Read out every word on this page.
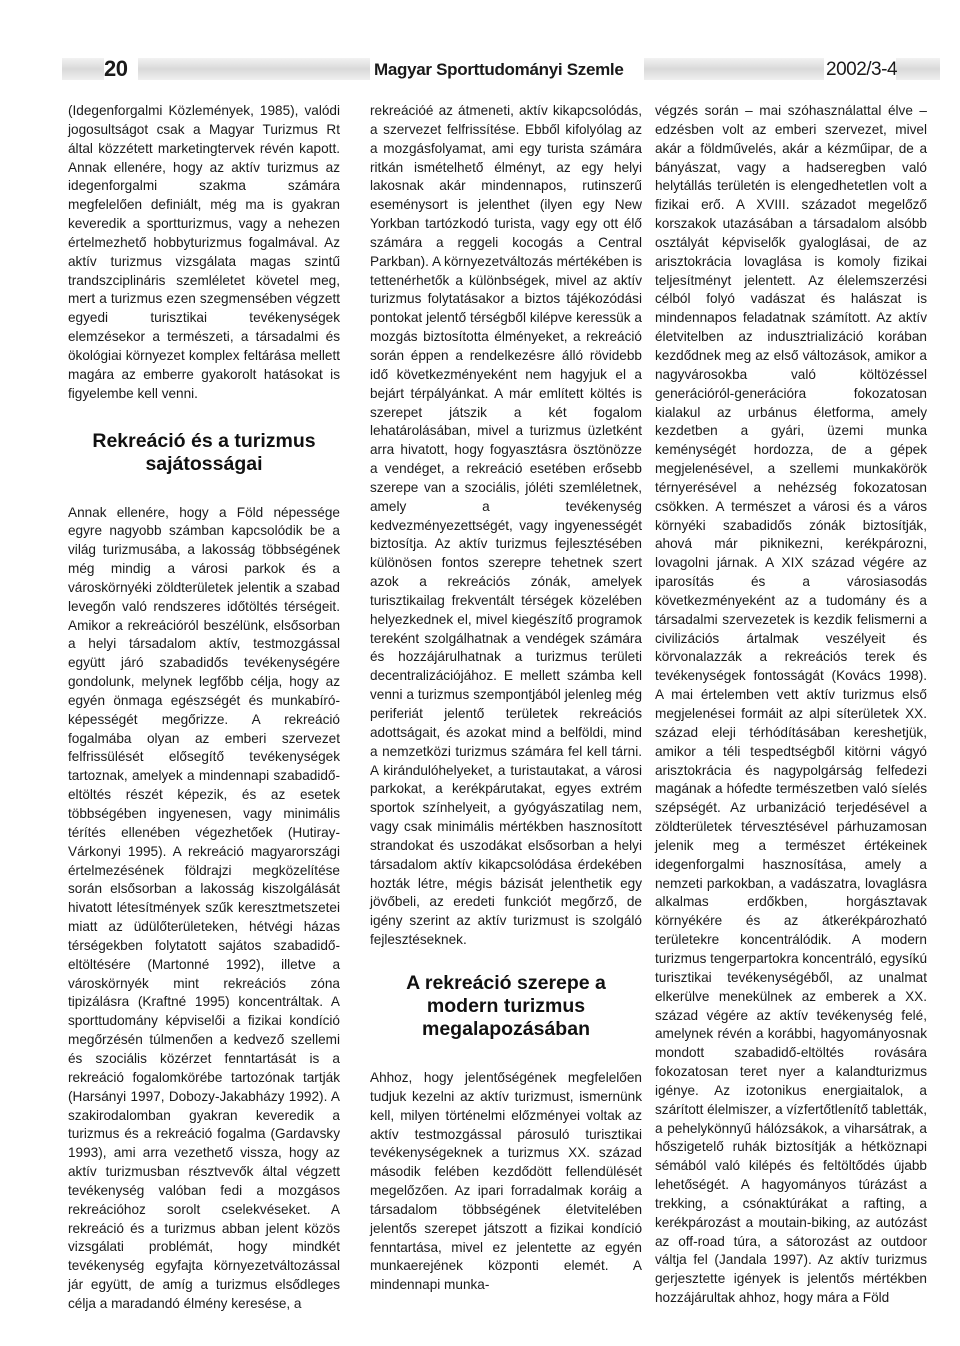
20	Magyar Sporttudományi Szemle	2002/3-4

(Idegenforgalmi Közlemények, 1985), valódi jogosultságot csak a Magyar Turizmus Rt által közzétett marketingtervek révén kapott. Annak ellenére, hogy az aktív turizmus az idegenforgalmi szakma számára megfelelően definiált, még ma is gyakran keveredik a sportturizmus, vagy a nehezen értelmezhető hobbyturizmus fogalmával. Az aktív turizmus vizsgálata magas szintű trandszciplináris szemléletet követel meg, mert a turizmus ezen szegmensében végzett egyedi turisztikai tevékenységek elemzésekor a természeti, a társadalmi és ökológiai környezet komplex feltárása mellett magára az emberre gyakorolt hatásokat is figyelembe kell venni.

Rekreáció és a turizmus sajátosságai

Annak ellenére, hogy a Föld népessége egyre nagyobb számban kapcsolódik be a világ turizmusába, a lakosság többségének még mindig a városi parkok és a városkörnyéki zöldterületek jelentik a szabad levegőn való rendszeres időtöltés térségeit. Amikor a rekreációról beszélünk, elsősorban a helyi társadalom aktív, testmozgással együtt járó szabadidős tevékenységére gondolunk, melynek legfőbb célja, hogy az egyén önmaga egészségét és munkabíró-képességét megőrizze. A rekreáció fogalmába olyan az emberi szervezet felfrissülését elősegítő tevékenységek tartoznak, amelyek a mindennapi szabadidő-eltöltés részét képezik, és az esetek többségében ingyenesen, vagy minimális térítés ellenében végezhetőek (Hutiray-Várkonyi 1995). A rekreáció magyarországi értelmezésének földrajzi megközelítése során elsősorban a lakosság kiszolgálását hivatott létesítmények szűk keresztmetszetei miatt az üdülőterületeken, hétvégi házas térségekben folytatott sajátos szabadidő-eltöltésére (Martonné 1992), illetve a városkörnyék mint rekreációs zóna tipizálásra (Kraftné 1995) koncentráltak. A sporttudomány képviselői a fizikai kondíció megőrzésén túlmenően a kedvező szellemi és szociális közérzet fenntartását is a rekreáció fogalomkörébe tartozónak tartják (Harsányi 1997, Dobozy-Jakabházy 1992). A szakirodalomban gyakran keveredik a turizmus és a rekreáció fogalma (Gardavsky 1993), ami arra vezethető vissza, hogy az aktív turizmusban résztvevők által végzett tevékenység valóban fedi a mozgásos rekreációhoz sorolt cselekvéseket. A rekreáció és a turizmus abban jelent közös vizsgálati problémát, hogy mindkét tevékenység egyfajta környezetváltozással jár együtt, de amíg a turizmus elsődleges célja a maradandó élmény keresése, a

rekreációé az átmeneti, aktív kikapcsolódás, a szervezet felfrissítése. Ebből kifolyólag az a mozgásfolyamat, ami egy turista számára ritkán ismételhető élményt, az egy helyi lakosnak akár mindennapos, rutinszerű eseménysort is jelenthet (ilyen egy New Yorkban tartózkodó turista, vagy egy ott élő számára a reggeli kocogás a Central Parkban). A környezetváltozás mértékében is tettenérhetők a különbségek, mivel az aktív turizmus folytatásakor a biztos tájékozódási pontokat jelentő térségből kilépve keressük a mozgás biztosította élményeket, a rekreáció során éppen a rendelkezésre álló rövidebb idő következményeként nem hagyjuk el a bejárt térpályánkat. A már említett költés is szerepet játszik a két fogalom lehatárolásában, mivel a turizmus üzletként arra hivatott, hogy fogyasztásra ösztönözze a vendéget, a rekreáció esetében erősebb szerepe van a szociális, jóléti szemléletnek, amely a tevékenység kedvezményezettségét, vagy ingyenességét biztosítja. Az aktív turizmus fejlesztésében különösen fontos szerepre tehetnek szert azok a rekreációs zónák, amelyek turisztikailag frekventált térségek közelében helyezkednek el, mivel kiegészítő programok tereként szolgálhatnak a vendégek számára és hozzájárulhatnak a turizmus területi decentralizációjához. E mellett számba kell venni a turizmus szempontjából jelenleg még periferiát jelentő területek rekreációs adottságait, és azokat mind a belföldi, mind a nemzetközi turizmus számára fel kell tárni. A kirándulóhelyeket, a turistautakat, a városi parkokat, a kerékpárutakat, egyes extrém sportok színhelyeit, a gyógyászatilag nem, vagy csak minimális mértékben hasznosított strandokat és uszodákat elsősorban a helyi társadalom aktív kikapcsolódása érdekében hozták létre, mégis bázisát jelenthetik egy jövőbeli, az eredeti funkciót megőrző, de igény szerint az aktív turizmust is szolgáló fejlesztéseknek.

A rekreáció szerepe a modern turizmus megalapozásában

Ahhoz, hogy jelentőségének megfelelően tudjuk kezelni az aktív turizmust, ismernünk kell, milyen történelmi előzményei voltak az aktív testmozgással párosuló turisztikai tevékenységeknek a turizmus XX. század második felében kezdődött fellendülését megelőzően. Az ipari forradalmak koráig a társadalom többségének életvitelében jelentős szerepet játszott a fizikai kondíció fenntartása, mivel ez jelentette az egyén munkaerejének központi elemét. A mindennapi munka-

végzés során – mai szóhasználattal élve – edzésben volt az emberi szervezet, mivel akár a földművelés, akár a kézműipar, de a bányászat, vagy a hadseregben való helytállás területén is elengedhetetlen volt a fizikai erő. A XVIII. századot megelőző korszakok utazásában a társadalom alsóbb osztályát képviselők gyaloglásai, de az arisztokrácia lovaglása is komoly fizikai teljesítményt jelentett. Az élelemszerzési célból folyó vadászat és halászat is mindennapos feladatnak számított. Az aktív életvitelben az indusztrializáció korában kezdődnek meg az első változások, amikor a nagyvárosokba való költözéssel generációról-generációra fokozatosan kialakul az urbánus életforma, amely kezdetben a gyári, üzemi munka keménységét hordozza, de a gépek megjelenésével, a szellemi munkakörök térnyerésével a nehézség fokozatosan csökken. A természet a városi és a város környéki szabadidős zónák biztosítják, ahová már piknikezni, kerékpározni, lovagolni járnak. A XIX század végére az iparosítás és a városiasodás következményeként az a tudomány és a társadalmi szervezetek is kezdik felismerni a civilizációs ártalmak veszélyeit és körvonalazzák a rekreációs terek és tevékenységek fontosságát (Kovács 1998). A mai értelemben vett aktív turizmus első megjelenései formáit az alpi síterületek XX. század eleji térhódításában kereshetjük, amikor a téli tespedtségből kitörni vágyó arisztokrácia és nagypolgárság felfedezi magának a hófedte természetben való síelés szépségét. Az urbanizáció terjedésével a zöldterületek térvesztésével párhuzamosan jelenik meg a természet értékeinek idegenforgalmi hasznosítása, amely a nemzeti parkokban, a vadászatra, lovaglásra alkalmas erdőkben, horgásztavak környékére és az átkerékpározható területekre koncentrálódik. A modern turizmus tengerpartokra koncentráló, egysíkú turisztikai tevékenységéből, az unalmat elkerülve menekülnek az emberek a XX. század végére az aktív tevékenység felé, amelynek révén a korábbi, hagyományosnak mondott szabadidő-eltöltés rovására fokozatosan teret nyer a kalandturizmus igénye. Az izotonikus energiaitalok, a szárított élelmiszer, a vízfertőtlenítő tabletták, a pehelykönnyű hálózsákok, a viharsátrak, a hőszigetelő ruhák biztosítják a hétköznapi sémából való kilépés és feltöltődés újabb lehetőségét. A hagyományos túrázást a trekking, a csónaktúrákat a rafting, a kerékpározást a moutain-biking, az autózást az off-road túra, a sátorozást az outdoor váltja fel (Jandala 1997). Az aktív turizmus gerjesztette igények is jelentős mértékben hozzájárultak ahhoz, hogy mára a Föld
